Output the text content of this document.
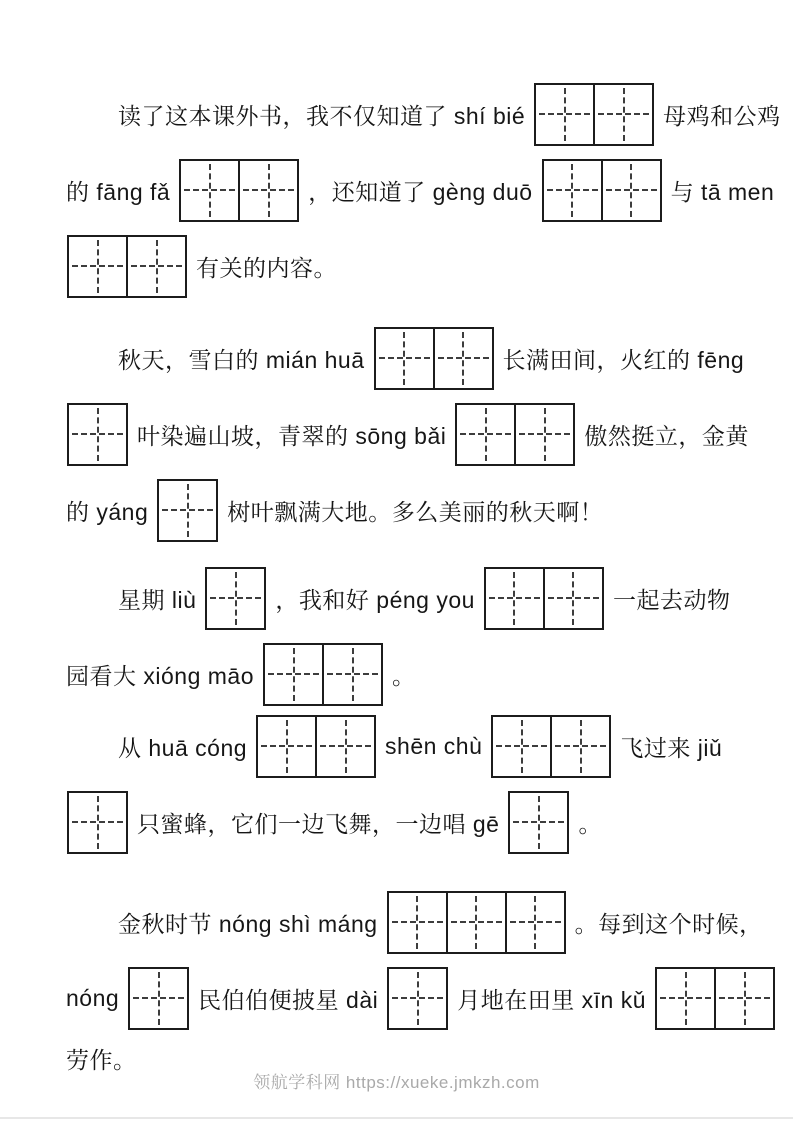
读了这本课外书，我不仅知道了 shí bié	母鸡和公鸡
的 fāng fǎ	，还知道了 gèng duō	与 tā men
有关的内容。
秋天，雪白的 mián huā	长满田间，火红的 fēng
叶染遍山坡，青翠的 sōng bǎi	傲然挺立，金黄
的 yáng	树叶飘满大地。多么美丽的秋天啊！
星期 liù	，我和好 péng you	一起去动物
园看大 xióng māo	。
从 huā cóng	shēn chù	飞过来 jiǔ
只蜜蜂，它们一边飞舞，一边唱 gē	。
金秋时节 nóng shì máng	。每到这个时候，
nóng	民伯伯便披星 dài	月地在田里 xīn kǔ
劳作。
领航学科网 https://xueke.jmkzh.com
